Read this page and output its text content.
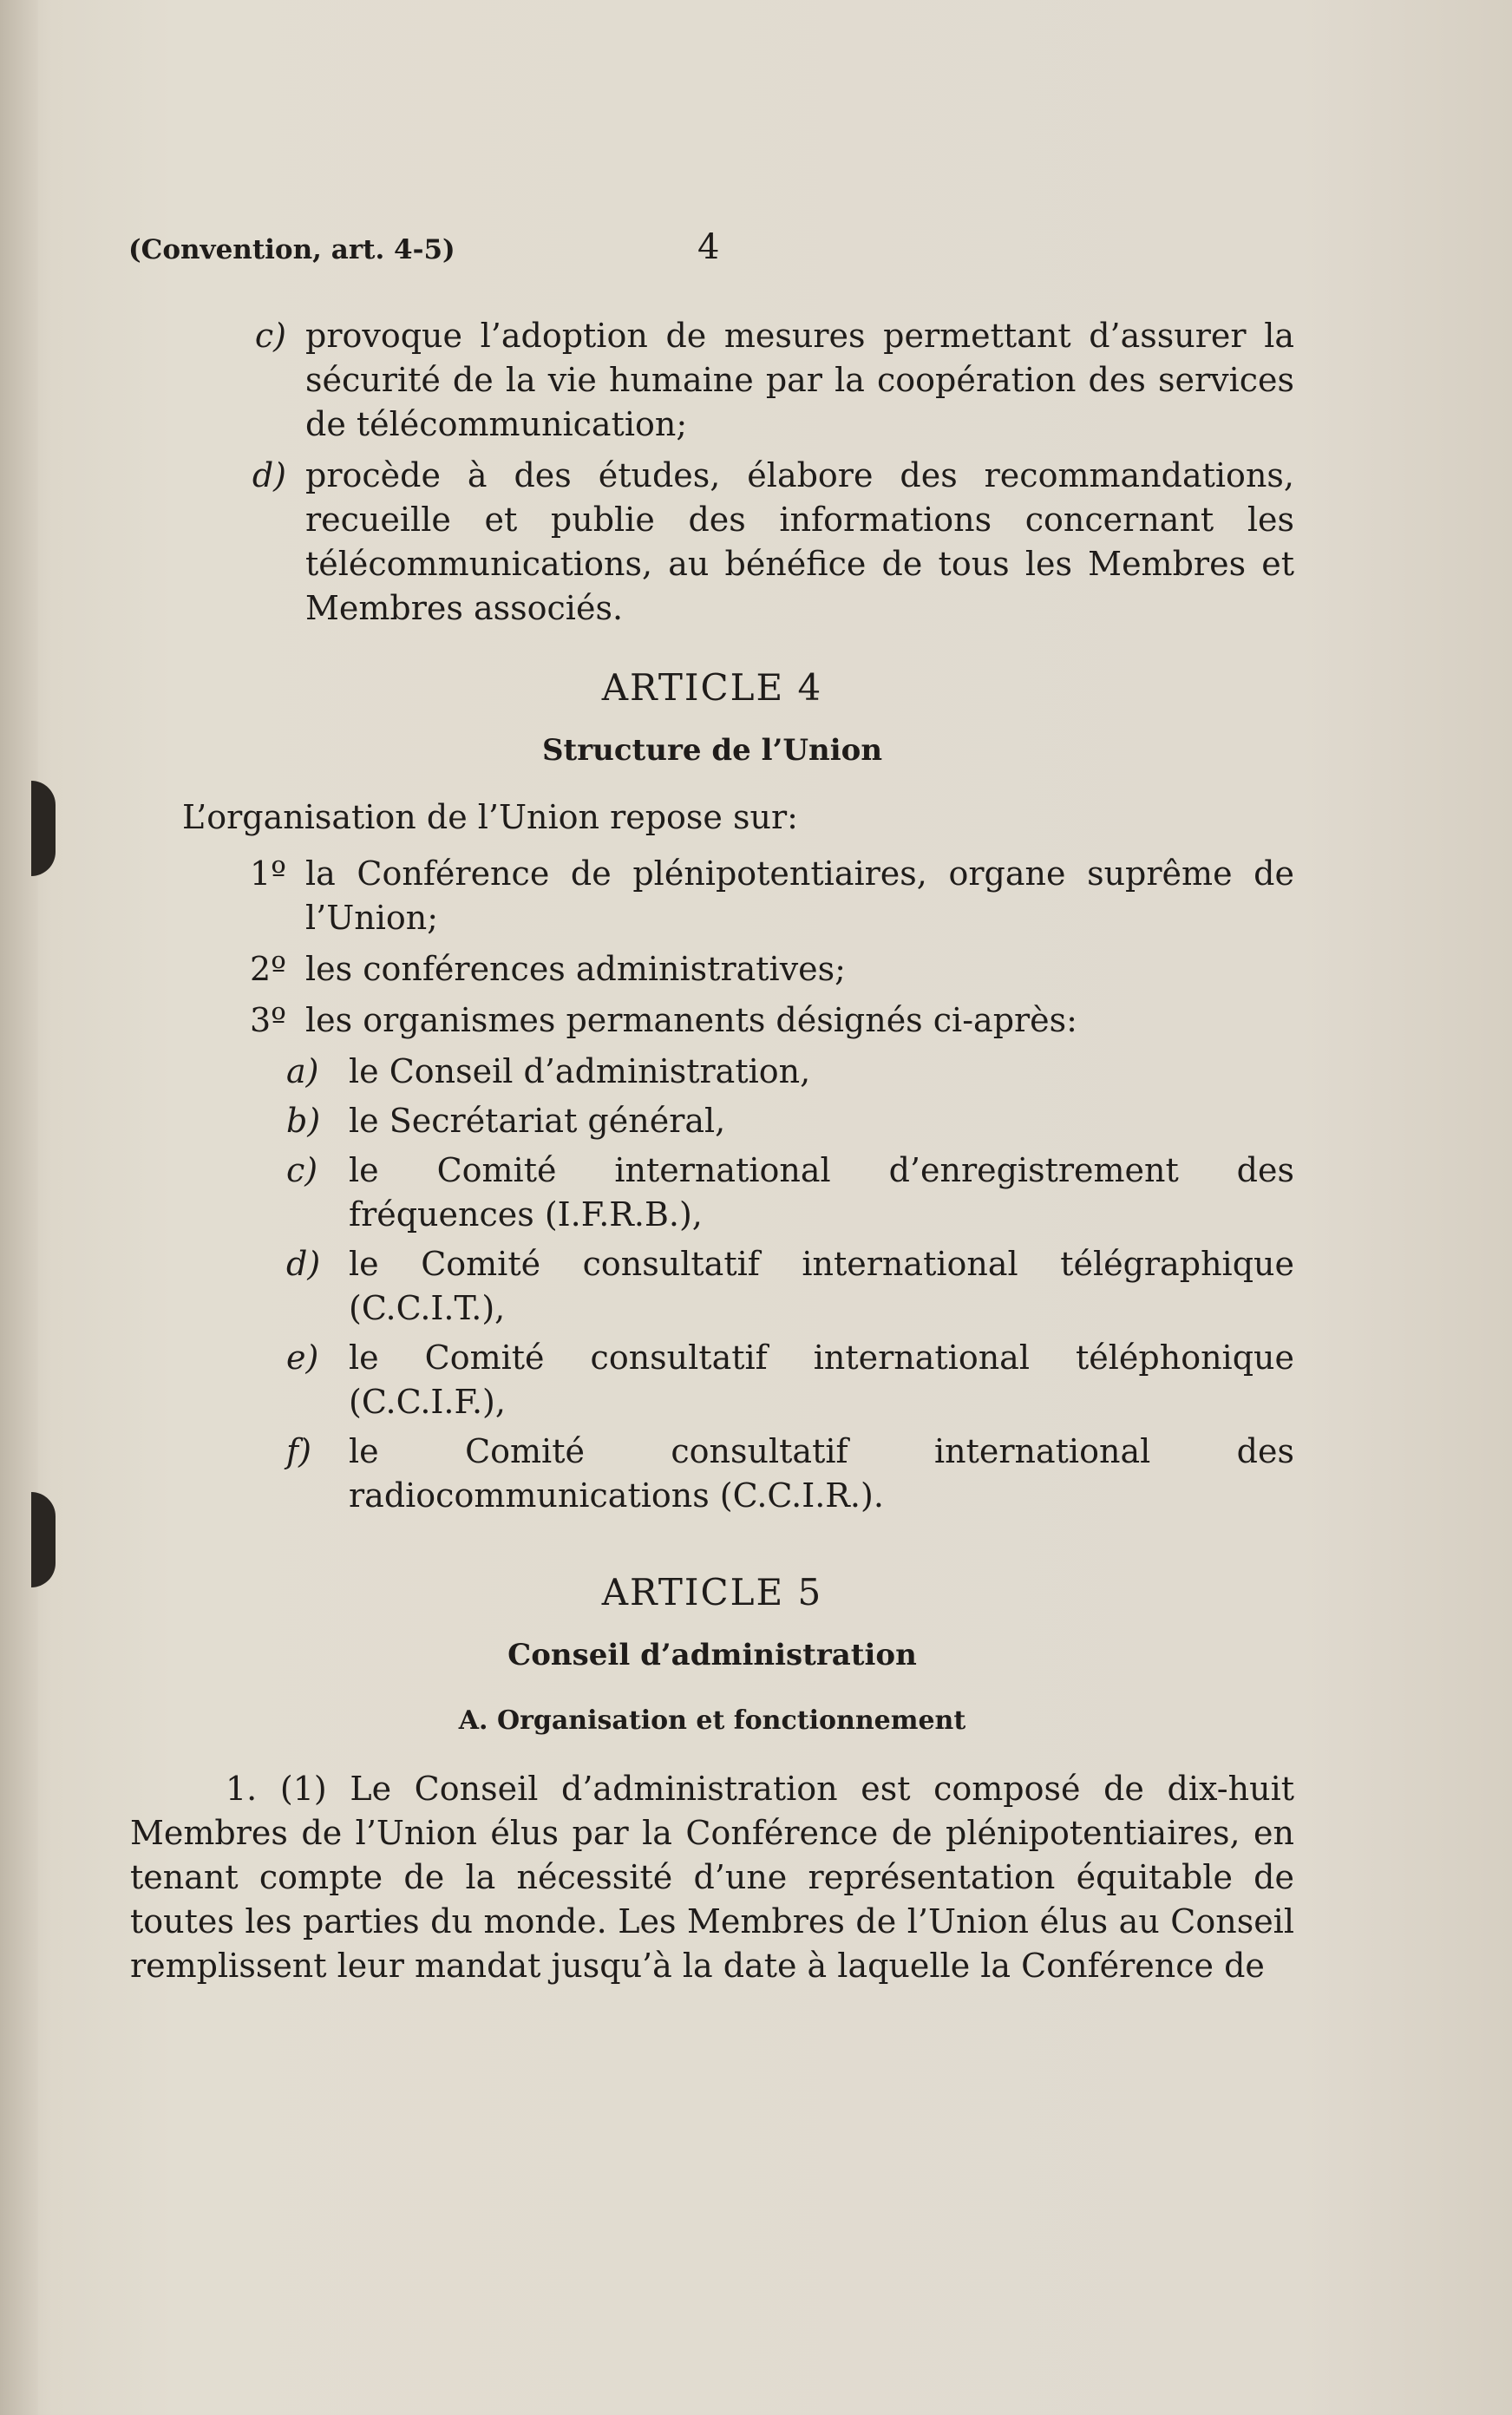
(Convention, art. 4-5)	4
c) provoque l’adoption de mesures permettant d’assurer la sécurité de la vie humaine par la coopération des services de télécommunication;
d) procède à des études, élabore des recommandations, recueille et publie des informations concernant les télécommunications, au bénéfice de tous les Membres et Membres associés.
ARTICLE 4
Structure de l’Union
L’organisation de l’Union repose sur:
1º la Conférence de plénipotentiaires, organe suprême de l’Union;
2º les conférences administratives;
3º les organismes permanents désignés ci-après:
a) le Conseil d’administration,
b) le Secrétariat général,
c) le Comité international d’enregistrement des fréquences (I.F.R.B.),
d) le Comité consultatif international télégraphique (C.C.I.T.),
e) le Comité consultatif international téléphonique (C.C.I.F.),
f)	le Comité consultatif international des radiocommunications (C.C.I.R.).
ARTICLE 5
Conseil d’administration
A. Organisation et fonctionnement
1. (1) Le Conseil d’administration est composé de dix-huit Membres de l’Union élus par la Conférence de plénipotentiaires, en tenant compte de la nécessité d’une représentation équitable de toutes les parties du monde. Les Membres de l’Union élus au Conseil remplissent leur mandat jusqu’à la date à laquelle la Conférence de
